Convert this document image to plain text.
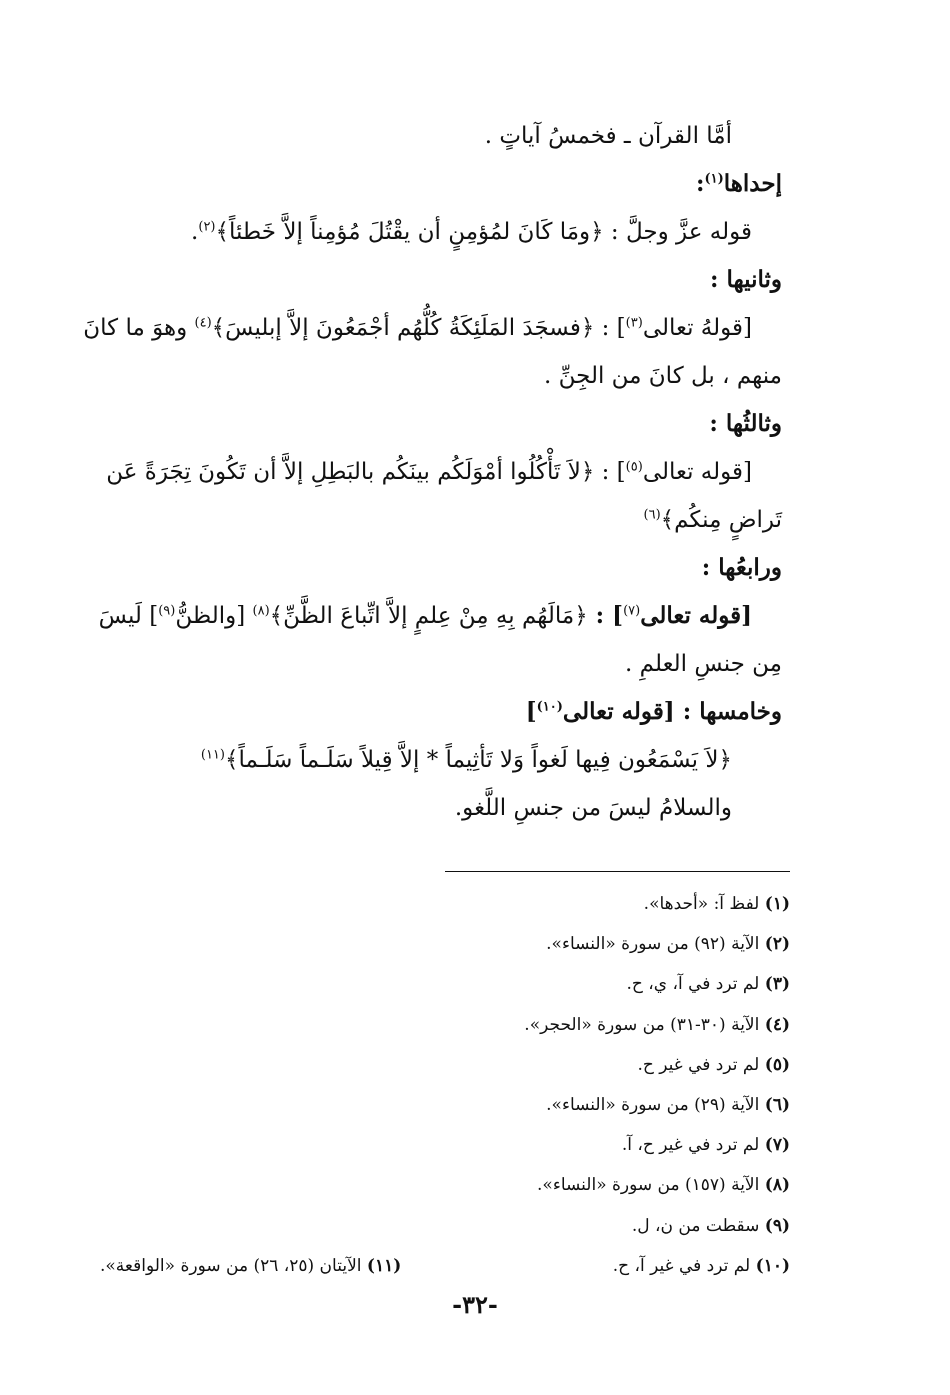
أمَّا القرآن ـ فخمسُ آياتٍ .
إحداها$^{(١)}$:
قوله عزَّ وجلَّ : ﴿ومَا كَانَ لمُؤمِنٍ أن يقْتُلَ مُؤمِناً إلاَّ خَطئاً﴾$^{(٢)}$.
وثانيها :
[قولهُ تعالى$^{(٣)}$] : ﴿فسجَدَ المَلَئِكَةُ كُلُّهُم أجْمَعُونَ إلاَّ إبليسَ﴾$^{(٤)}$ وهوَ ما كانَ
منهم ، بل كانَ من الجِنِّ .
وثالثُها :
[قوله تعالى$^{(٥)}$] : ﴿لاَ تَأْكُلُوا أمْوَلَكُم بينَكُم بالبَطِلِ إلاَّ أن تَكُونَ تِجَرَةً عَن
تَراضٍ مِنكُم﴾$^{(٦)}$
ورابعُها :
[قوله تعالى$^{(٧)}$] : ﴿مَالَهُم بِهِ مِنْ عِلمٍ إلاَّ اتِّباعَ الظَّنِّ﴾$^{(٨)}$ [والظنُّ$^{(٩)}$] لَيسَ
مِن جنسِ العلمِ .
وخامسها : [قوله تعالى$^{(١٠)}$]
﴿لاَ يَسْمَعُون فِيها لَغواً وَلا تَأثِيماً * إلاَّ قِيلاً سَلَـماً سَلَـماً﴾$^{(١١)}$
والسلامُ ليسَ من جنسِ اللَّغو.
(١) لفظ آ: «أحدها».
(٢) الآية (٩٢) من سورة «النساء».
(٣) لم ترد في آ، ي، ح.
(٤) الآية (٣٠-٣١) من سورة «الحجر».
(٥) لم ترد في غير ح.
(٦) الآية (٢٩) من سورة «النساء».
(٧) لم ترد في غير ح، آ.
(٨) الآية (١٥٧) من سورة «النساء».
(٩) سقطت من ن، ل.
(١٠) لم ترد في غير آ، ح.
(١١) الآيتان (٢٥، ٢٦) من سورة «الواقعة».
-٣٢-
